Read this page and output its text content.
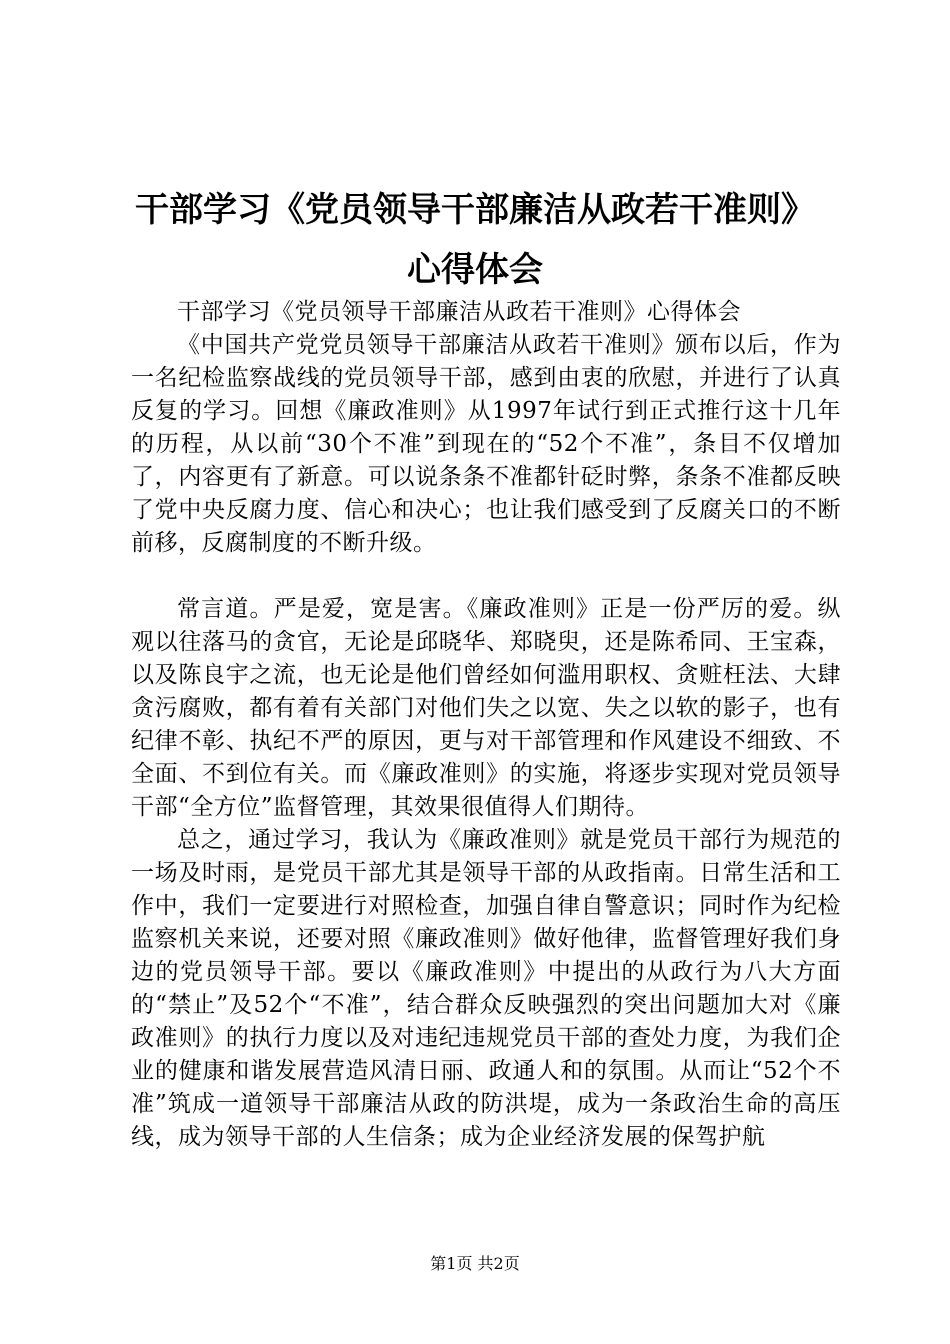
干部学习《党员领导干部廉洁从政若干准则》
心得体会

干部学习《党员领导干部廉洁从政若干准则》心得体会

《中国共产党党员领导干部廉洁从政若干准则》颁布以后，作为一名纪检监察战线的党员领导干部，感到由衷的欣慰，并进行了认真反复的学习。回想《廉政准则》从1997年试行到正式推行这十几年的历程，从以前“30个不准”到现在的“52个不准”，条目不仅增加了，内容更有了新意。可以说条条不准都针砭时弊，条条不准都反映了党中央反腐力度、信心和决心；也让我们感受到了反腐关口的不断前移，反腐制度的不断升级。

常言道。严是爱，宽是害。《廉政准则》正是一份严厉的爱。纵观以往落马的贪官，无论是邱晓华、郑晓臾，还是陈希同、王宝森，以及陈良宇之流，也无论是他们曾经如何滥用职权、贪赃枉法、大肆贪污腐败，都有着有关部门对他们失之以宽、失之以软的影子，也有纪律不彰、执纪不严的原因，更与对干部管理和作风建设不细致、不全面、不到位有关。而《廉政准则》的实施，将逐步实现对党员领导干部“全方位”监督管理，其效果很值得人们期待。

总之，通过学习，我认为《廉政准则》就是党员干部行为规范的一场及时雨，是党员干部尤其是领导干部的从政指南。日常生活和工作中，我们一定要进行对照检查，加强自律自警意识；同时作为纪检监察机关来说，还要对照《廉政准则》做好他律，监督管理好我们身边的党员领导干部。要以《廉政准则》中提出的从政行为八大方面的“禁止”及52个“不准”，结合群众反映强烈的突出问题加大对《廉政准则》的执行力度以及对违纪违规党员干部的查处力度，为我们企业的健康和谐发展营造风清日丽、政通人和的氛围。从而让“52个不准”筑成一道领导干部廉洁从政的防洪堤，成为一条政治生命的高压线，成为领导干部的人生信条；成为企业经济发展的保驾护航

第1页 共2页
